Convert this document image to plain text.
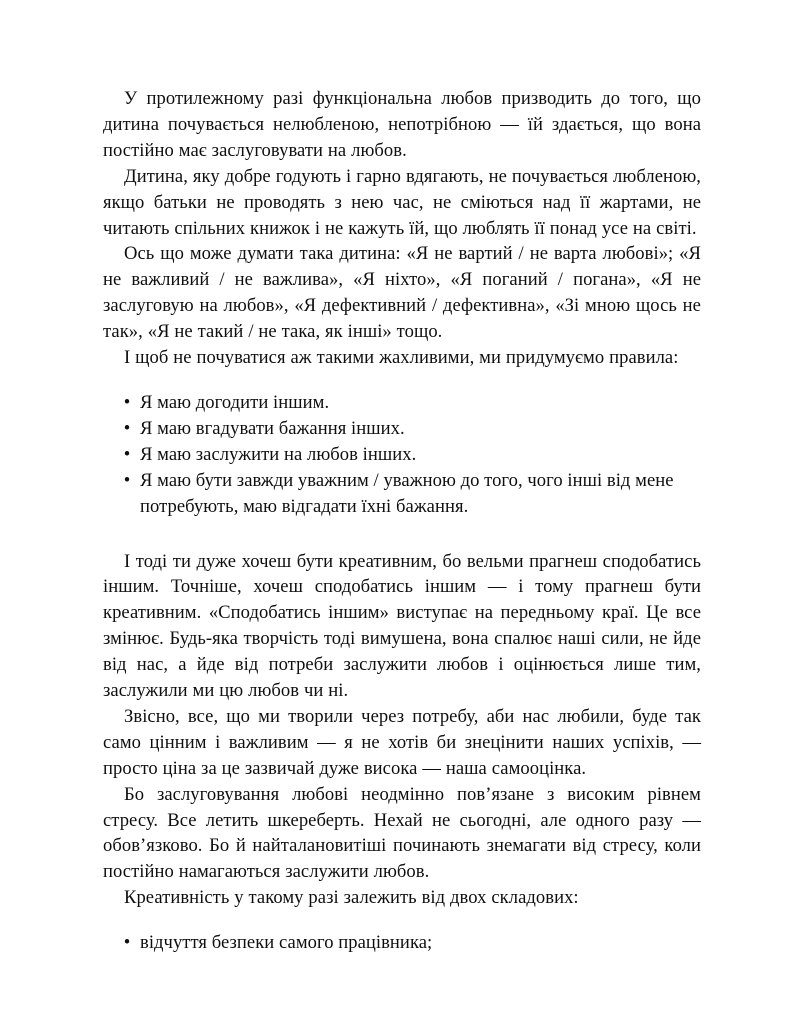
У протилежному разі функціональна любов призводить до того, що дитина почувається нелюбленою, непотрібною — їй здається, що вона постійно має заслуговувати на любов.

Дитина, яку добре годують і гарно вдягають, не почувається любленою, якщо батьки не проводять з нею час, не сміються над її жартами, не читають спільних книжок і не кажуть їй, що люблять її понад усе на світі.

Ось що може думати така дитина: «Я не вартий / не варта любові»; «Я не важливий / не важлива», «Я ніхто», «Я поганий / погана», «Я не заслуговую на любов», «Я дефективний / дефективна», «Зі мною щось не так», «Я не такий / не така, як інші» тощо.

І щоб не почуватися аж такими жахливими, ми придумуємо правила:

• Я маю догодити іншим.
• Я маю вгадувати бажання інших.
• Я маю заслужити на любов інших.
• Я маю бути завжди уважним / уважною до того, чого інші від мене потребують, маю відгадати їхні бажання.

І тоді ти дуже хочеш бути креативним, бо вельми прагнеш сподобатись іншим. Точніше, хочеш сподобатись іншим — і тому прагнеш бути креативним. «Сподобатись іншим» виступає на передньому краї. Це все змінює. Будь-яка творчість тоді вимушена, вона спалює наші сили, не йде від нас, а йде від потреби заслужити любов і оцінюється лише тим, заслужили ми цю любов чи ні.

Звісно, все, що ми творили через потребу, аби нас любили, буде так само цінним і важливим — я не хотів би знецінити наших успіхів, — просто ціна за це зазвичай дуже висока — наша самооцінка.

Бо заслуговування любові неодмінно пов’язане з високим рівнем стресу. Все летить шкереберть. Нехай не сьогодні, але одного разу — обов’язково. Бо й найталановитіші починають знемагати від стресу, коли постійно намагаються заслужити любов.

Креативність у такому разі залежить від двох складових:

• відчуття безпеки самого працівника;
